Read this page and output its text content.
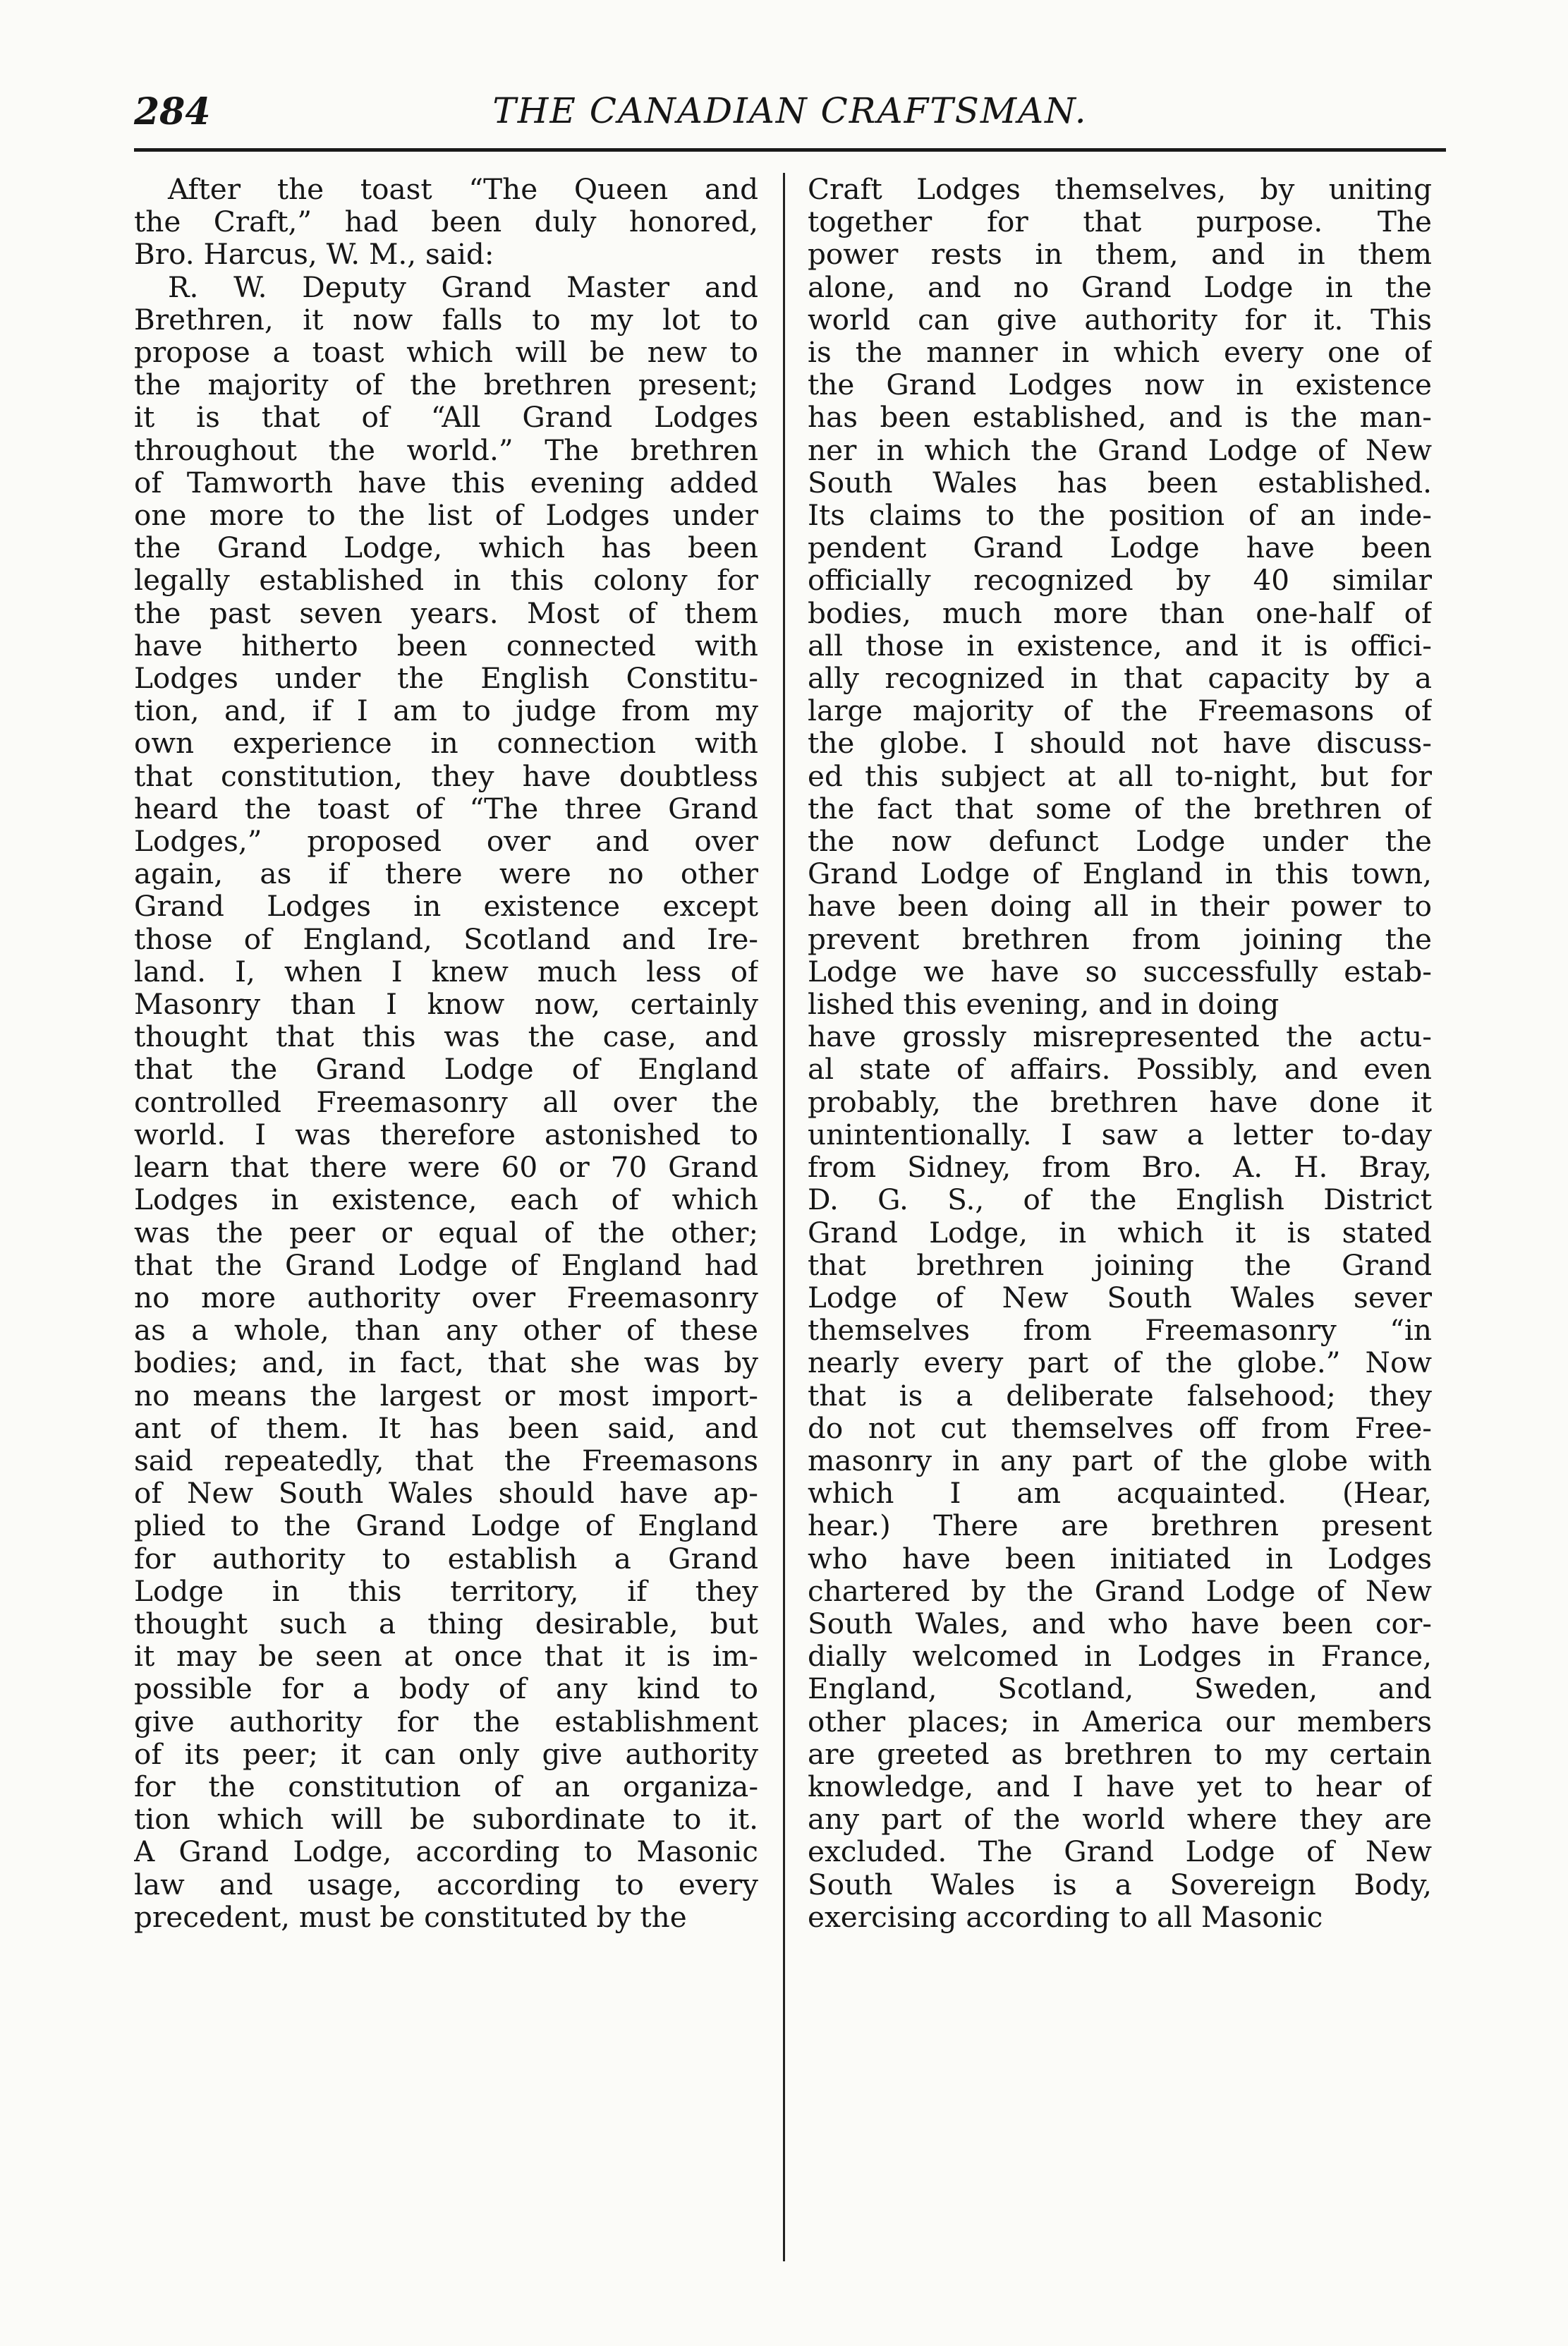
284	THE CANADIAN CRAFTSMAN.
After the toast “The Queen and
the Craft,” had been duly honored,
Bro. Harcus, W. M., said:
R. W. Deputy Grand Master and
Brethren, it now falls to my lot to
propose a toast which will be new to
the majority of the brethren present;
it is that of “All Grand Lodges
throughout the world.” The brethren
of Tamworth have this evening added
one more to the list of Lodges under
the Grand Lodge, which has been
legally established in this colony for
the past seven years. Most of them
have hitherto been connected with
Lodges under the English Constitu-
tion, and, if I am to judge from my
own experience in connection with
that constitution, they have doubtless
heard the toast of “The three Grand
Lodges,” proposed over and over
again, as if there were no other
Grand Lodges in existence except
those of England, Scotland and Ire-
land. I, when I knew much less of
Masonry than I know now, certainly
thought that this was the case, and
that the Grand Lodge of England
controlled Freemasonry all over the
world. I was therefore astonished to
learn that there were 60 or 70 Grand
Lodges in existence, each of which
was the peer or equal of the other;
that the Grand Lodge of England had
no more authority over Freemasonry
as a whole, than any other of these
bodies; and, in fact, that she was by
no means the largest or most import-
ant of them. It has been said, and
said repeatedly, that the Freemasons
of New South Wales should have ap-
plied to the Grand Lodge of England
for authority to establish a Grand
Lodge in this territory, if they
thought such a thing desirable, but
it may be seen at once that it is im-
possible for a body of any kind to
give authority for the establishment
of its peer; it can only give authority
for the constitution of an organiza-
tion which will be subordinate to it.
A Grand Lodge, according to Masonic
law and usage, according to every
precedent, must be constituted by the
Craft Lodges themselves, by uniting
together for that purpose. The
power rests in them, and in them
alone, and no Grand Lodge in the
world can give authority for it. This
is the manner in which every one of
the Grand Lodges now in existence
has been established, and is the man-
ner in which the Grand Lodge of New
South Wales has been established.
Its claims to the position of an inde-
pendent Grand Lodge have been
officially recognized by 40 similar
bodies, much more than one-half of
all those in existence, and it is offici-
ally recognized in that capacity by a
large majority of the Freemasons of
the globe. I should not have discuss-
ed this subject at all to-night, but for
the fact that some of the brethren of
the now defunct Lodge under the
Grand Lodge of England in this town,
have been doing all in their power to
prevent brethren from joining the
Lodge we have so successfully estab-
lished this evening, and in doing
have grossly misrepresented the actu-
al state of affairs. Possibly, and even
probably, the brethren have done it
unintentionally. I saw a letter to-day
from Sidney, from Bro. A. H. Bray,
D. G. S., of the English District
Grand Lodge, in which it is stated
that brethren joining the Grand
Lodge of New South Wales sever
themselves from Freemasonry “in
nearly every part of the globe.” Now
that is a deliberate falsehood; they
do not cut themselves off from Free-
masonry in any part of the globe with
which I am acquainted. (Hear,
hear.) There are brethren present
who have been initiated in Lodges
chartered by the Grand Lodge of New
South Wales, and who have been cor-
dially welcomed in Lodges in France,
England, Scotland, Sweden, and
other places; in America our members
are greeted as brethren to my certain
knowledge, and I have yet to hear of
any part of the world where they are
excluded. The Grand Lodge of New
South Wales is a Sovereign Body,
exercising according to all Masonic
